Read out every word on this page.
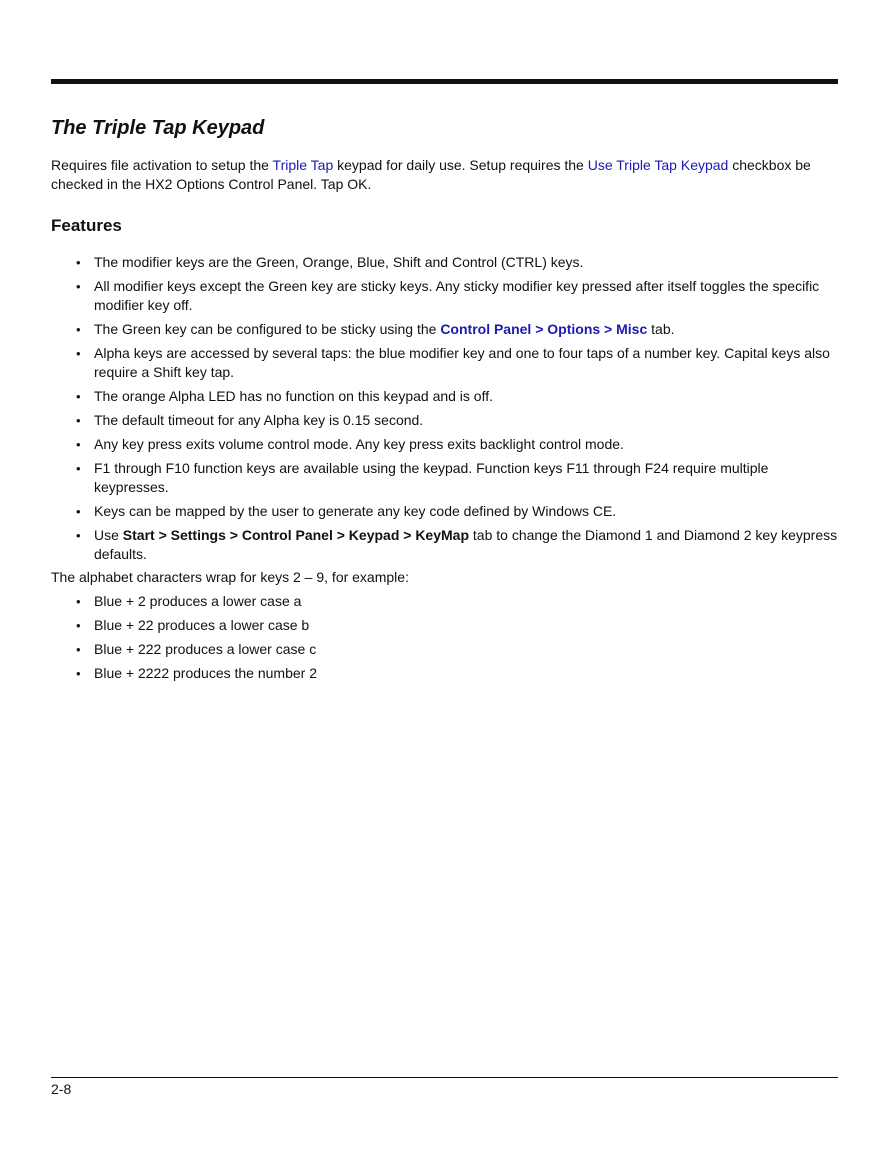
The Triple Tap Keypad

Requires file activation to setup the Triple Tap keypad for daily use. Setup requires the Use Triple Tap Keypad checkbox be checked in the HX2 Options Control Panel. Tap OK.

Features
• The modifier keys are the Green, Orange, Blue, Shift and Control (CTRL) keys.
• All modifier keys except the Green key are sticky keys. Any sticky modifier key pressed after itself toggles the specific modifier key off.
• The Green key can be configured to be sticky using the Control Panel > Options > Misc tab.
• Alpha keys are accessed by several taps: the blue modifier key and one to four taps of a number key. Capital keys also require a Shift key tap.
• The orange Alpha LED has no function on this keypad and is off.
• The default timeout for any Alpha key is 0.15 second.
• Any key press exits volume control mode. Any key press exits backlight control mode.
• F1 through F10 function keys are available using the keypad. Function keys F11 through F24 require multiple keypresses.
• Keys can be mapped by the user to generate any key code defined by Windows CE.
• Use Start > Settings > Control Panel > Keypad > KeyMap tab to change the Diamond 1 and Diamond 2 key keypress defaults.

The alphabet characters wrap for keys 2 – 9, for example:

• Blue + 2 produces a lower case a
• Blue + 22 produces a lower case b
• Blue + 222 produces a lower case c
• Blue + 2222 produces the number 2
2-8
